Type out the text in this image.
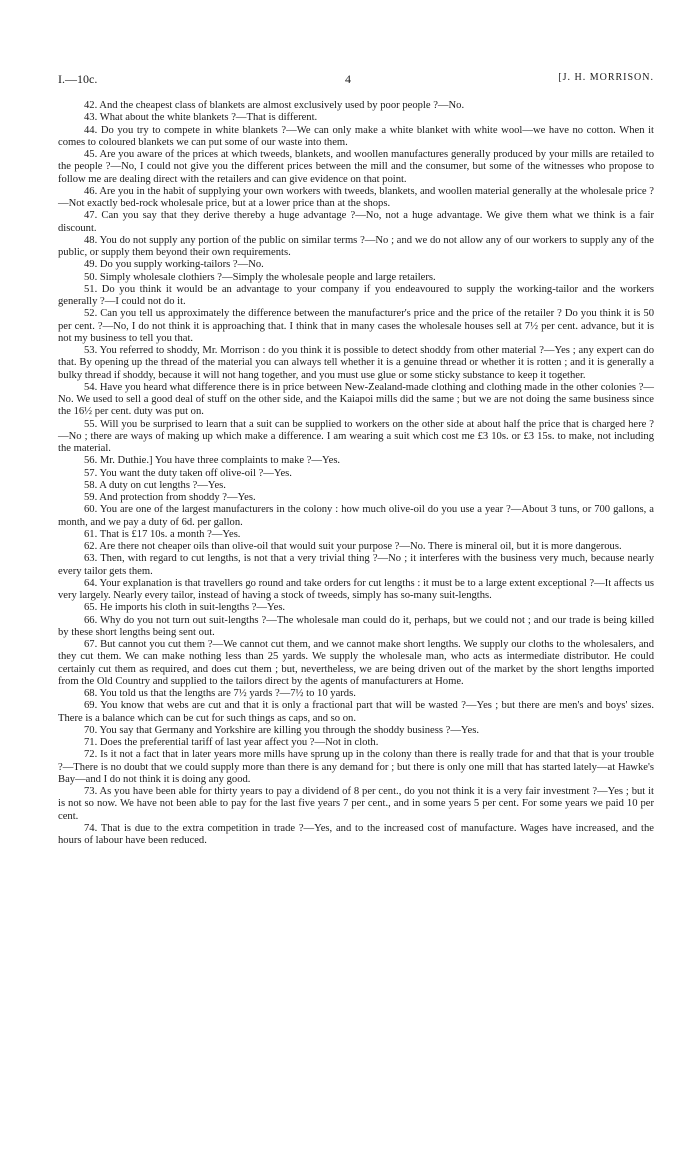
I.—10c.	4	[J. H. MORRISON.

42. And the cheapest class of blankets are almost exclusively used by poor people ?—No.

43. What about the white blankets ?—That is different.

44. Do you try to compete in white blankets ?—We can only make a white blanket with white wool—we have no cotton. When it comes to coloured blankets we can put some of our waste into them.

45. Are you aware of the prices at which tweeds, blankets, and woollen manufactures generally produced by your mills are retailed to the people ?—No, I could not give you the different prices between the mill and the consumer, but some of the witnesses who propose to follow me are dealing direct with the retailers and can give evidence on that point.

46. Are you in the habit of supplying your own workers with tweeds, blankets, and woollen material generally at the wholesale price ?—Not exactly bed-rock wholesale price, but at a lower price than at the shops.

47. Can you say that they derive thereby a huge advantage ?—No, not a huge advantage. We give them what we think is a fair discount.

48. You do not supply any portion of the public on similar terms ?—No ; and we do not allow any of our workers to supply any of the public, or supply them beyond their own requirements.

49. Do you supply working-tailors ?—No.

50. Simply wholesale clothiers ?—Simply the wholesale people and large retailers.

51. Do you think it would be an advantage to your company if you endeavoured to supply the working-tailor and the workers generally ?—I could not do it.

52. Can you tell us approximately the difference between the manufacturer's price and the price of the retailer ? Do you think it is 50 per cent. ?—No, I do not think it is approaching that. I think that in many cases the wholesale houses sell at 7½ per cent. advance, but it is not my business to tell you that.

53. You referred to shoddy, Mr. Morrison : do you think it is possible to detect shoddy from other material ?—Yes ; any expert can do that. By opening up the thread of the material you can always tell whether it is a genuine thread or whether it is rotten ; and it is generally a bulky thread if shoddy, because it will not hang together, and you must use glue or some sticky substance to keep it together.

54. Have you heard what difference there is in price between New-Zealand-made clothing and clothing made in the other colonies ?—No. We used to sell a good deal of stuff on the other side, and the Kaiapoi mills did the same ; but we are not doing the same business since the 16½ per cent. duty was put on.

55. Will you be surprised to learn that a suit can be supplied to workers on the other side at about half the price that is charged here ?—No ; there are ways of making up which make a difference. I am wearing a suit which cost me £3 10s. or £3 15s. to make, not including the material.

56. Mr. Duthie.] You have three complaints to make ?—Yes.

57. You want the duty taken off olive-oil ?—Yes.

58. A duty on cut lengths ?—Yes.

59. And protection from shoddy ?—Yes.

60. You are one of the largest manufacturers in the colony : how much olive-oil do you use a year ?—About 3 tuns, or 700 gallons, a month, and we pay a duty of 6d. per gallon.

61. That is £17 10s. a month ?—Yes.

62. Are there not cheaper oils than olive-oil that would suit your purpose ?—No. There is mineral oil, but it is more dangerous.

63. Then, with regard to cut lengths, is not that a very trivial thing ?—No ; it interferes with the business very much, because nearly every tailor gets them.

64. Your explanation is that travellers go round and take orders for cut lengths : it must be to a large extent exceptional ?—It affects us very largely. Nearly every tailor, instead of having a stock of tweeds, simply has so-many suit-lengths.

65. He imports his cloth in suit-lengths ?—Yes.

66. Why do you not turn out suit-lengths ?—The wholesale man could do it, perhaps, but we could not ; and our trade is being killed by these short lengths being sent out.

67. But cannot you cut them ?—We cannot cut them, and we cannot make short lengths. We supply our cloths to the wholesalers, and they cut them. We can make nothing less than 25 yards. We supply the wholesale man, who acts as intermediate distributor. He could certainly cut them as required, and does cut them ; but, nevertheless, we are being driven out of the market by the short lengths imported from the Old Country and supplied to the tailors direct by the agents of manufacturers at Home.

68. You told us that the lengths are 7½ yards ?—7½ to 10 yards.

69. You know that webs are cut and that it is only a fractional part that will be wasted ?—Yes ; but there are men's and boys' sizes. There is a balance which can be cut for such things as caps, and so on.

70. You say that Germany and Yorkshire are killing you through the shoddy business ?—Yes.

71. Does the preferential tariff of last year affect you ?—Not in cloth.

72. Is it not a fact that in later years more mills have sprung up in the colony than there is really trade for and that that is your trouble ?—There is no doubt that we could supply more than there is any demand for ; but there is only one mill that has started lately—at Hawke's Bay—and I do not think it is doing any good.

73. As you have been able for thirty years to pay a dividend of 8 per cent., do you not think it is a very fair investment ?—Yes ; but it is not so now. We have not been able to pay for the last five years 7 per cent., and in some years 5 per cent. For some years we paid 10 per cent.

74. That is due to the extra competition in trade ?—Yes, and to the increased cost of manufacture. Wages have increased, and the hours of labour have been reduced.
